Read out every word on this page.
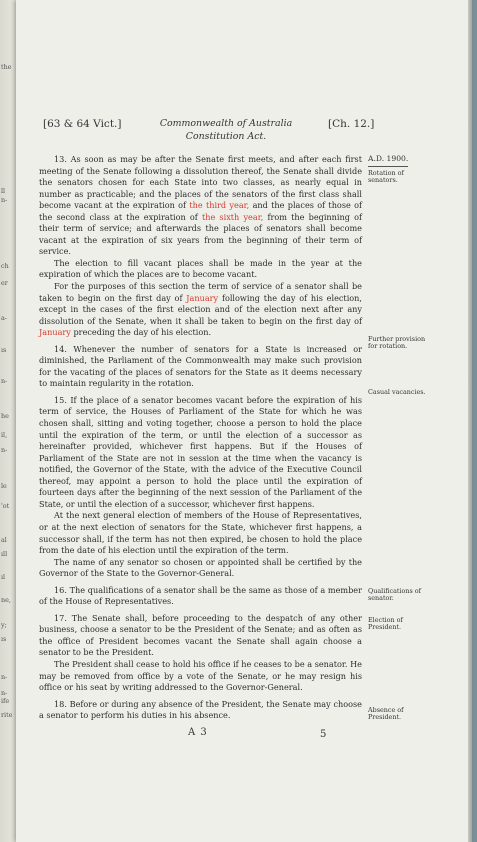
the
ll
n-
ch
er
a-
ıs
n-
he
il,
n-
le
'ot
al
ıll
ıl
ne,
y;
ıs
n-
n-
ife
rite
[63 & 64 Vict.]	Commonwealth of Australia
Constitution Act.
[Ch. 12.]
A.D. 1900.
Rotation of senators.
Further provision for rotation.
Casual vacancies.
Qualifications of senator.
Election of President.
Absence of President.

13. As soon as may be after the Senate first meets, and after each first meeting of the Senate following a dissolution thereof, the Senate shall divide the senators chosen for each State into two classes, as nearly equal in number as practicable; and the places of the senators of the first class shall become vacant at the expiration of the third year, and the places of those of the second class at the expiration of the sixth year, from the beginning of their term of service; and afterwards the places of senators shall become vacant at the expiration of six years from the beginning of their term of service.

The election to fill vacant places shall be made in the year at the expiration of which the places are to become vacant.

For the purposes of this section the term of service of a senator shall be taken to begin on the first day of January following the day of his election, except in the cases of the first election and of the election next after any dissolution of the Senate, when it shall be taken to begin on the first day of January preceding the day of his election.

14. Whenever the number of senators for a State is increased or diminished, the Parliament of the Commonwealth may make such provision for the vacating of the places of senators for the State as it deems necessary to maintain regularity in the rotation.

15. If the place of a senator becomes vacant before the expiration of his term of service, the Houses of Parliament of the State for which he was chosen shall, sitting and voting together, choose a person to hold the place until the expiration of the term, or until the election of a successor as hereinafter provided, whichever first happens. But if the Houses of Parliament of the State are not in session at the time when the vacancy is notified, the Governor of the State, with the advice of the Executive Council thereof, may appoint a person to hold the place until the expiration of fourteen days after the beginning of the next session of the Parliament of the State, or until the election of a successor, whichever first happens.

At the next general election of members of the House of Representatives, or at the next election of senators for the State, whichever first happens, a successor shall, if the term has not then expired, be chosen to hold the place from the date of his election until the expiration of the term.

The name of any senator so chosen or appointed shall be certified by the Governor of the State to the Governor-General.

16. The qualifications of a senator shall be the same as those of a member of the House of Representatives.

17. The Senate shall, before proceeding to the despatch of any other business, choose a senator to be the President of the Senate; and as often as the office of President becomes vacant the Senate shall again choose a senator to be the President.

The President shall cease to hold his office if he ceases to be a senator. He may be removed from office by a vote of the Senate, or he may resign his office or his seat by writing addressed to the Governor-General.

18. Before or during any absence of the President, the Senate may choose a senator to perform his duties in his absence.

A 3	5
